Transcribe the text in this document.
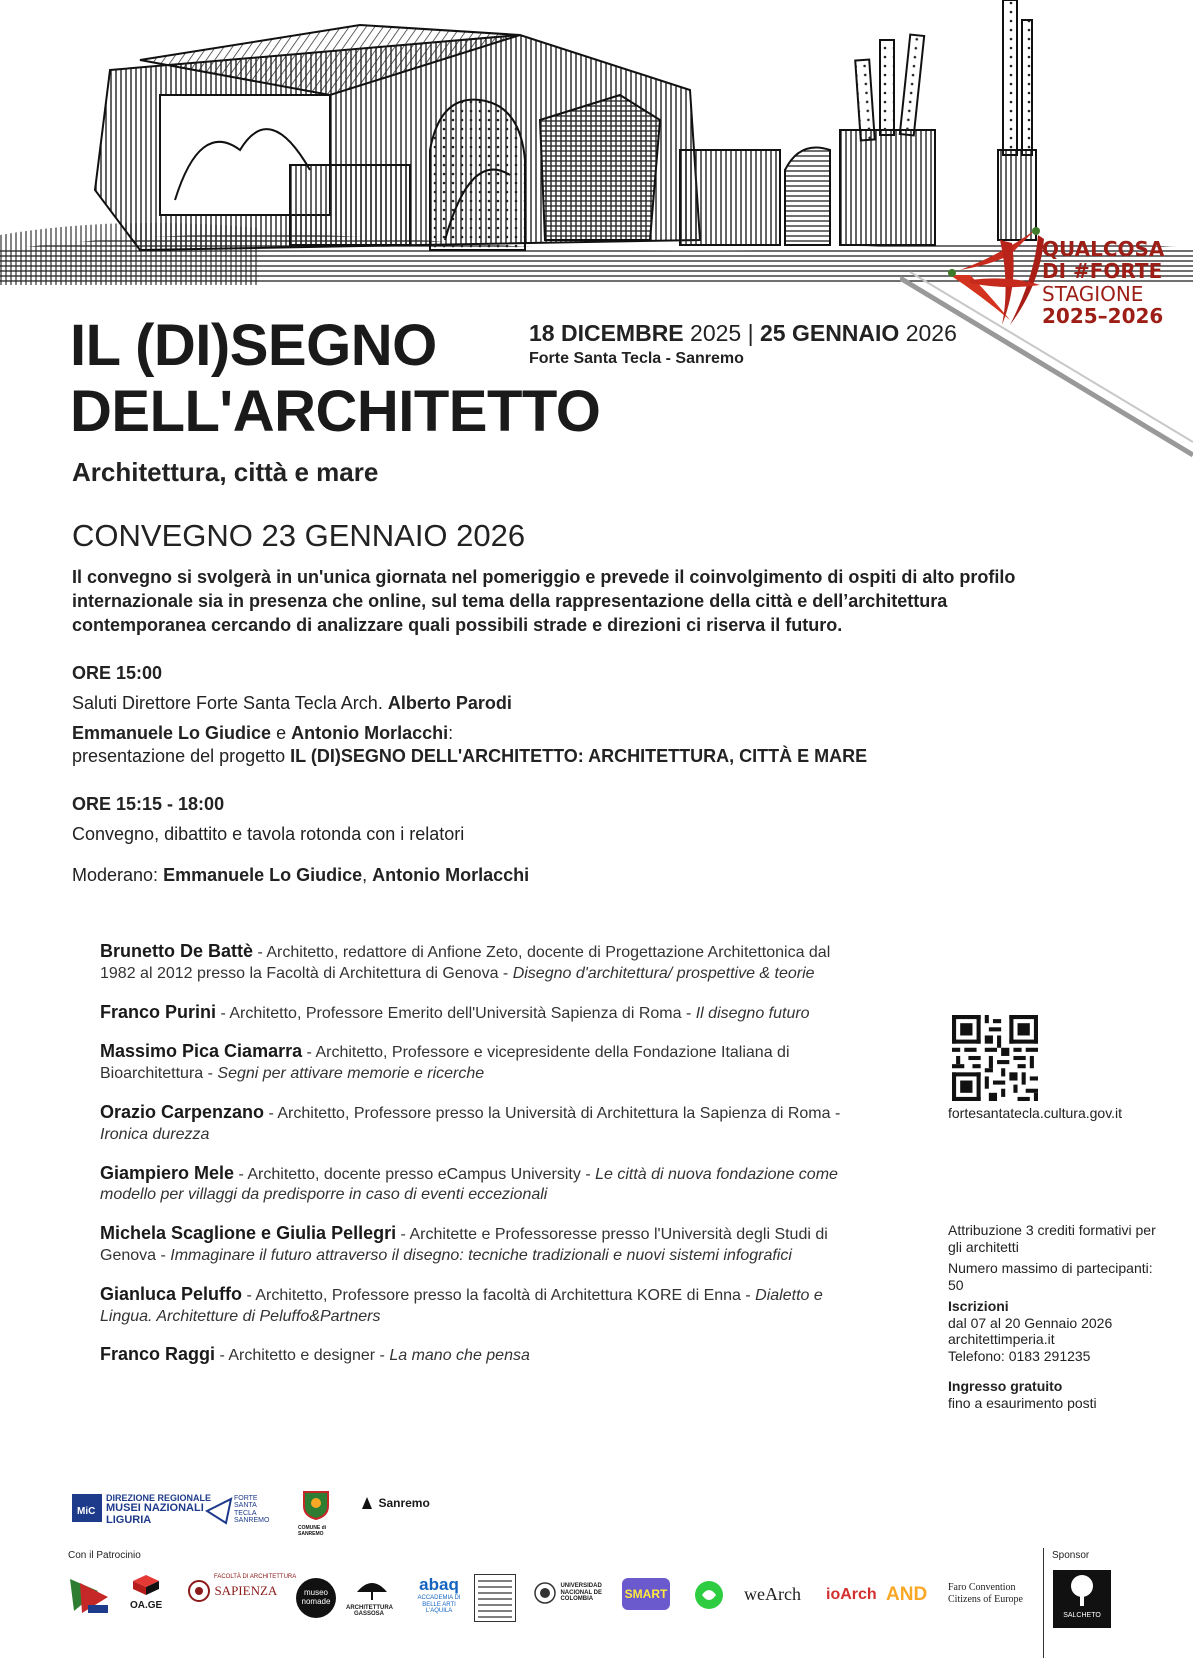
QUALCOSA
DI #FORTE
STAGIONE
2025–2026
IL (DI)SEGNO
DELL'ARCHITETTO
Architettura, città e mare
18 DICEMBRE 2025 | 25 GENNAIO 2026
Forte Santa Tecla - Sanremo
CONVEGNO 23 GENNAIO 2026
Il convegno si svolgerà in un'unica giornata nel pomeriggio e prevede il coinvolgimento di ospiti di alto profilo internazionale sia in presenza che online, sul tema della rappresentazione della città e dell’architettura contemporanea cercando di analizzare quali possibili strade e direzioni ci riserva il futuro.
ORE 15:00
Saluti Direttore Forte Santa Tecla Arch. Alberto Parodi
Emmanuele Lo Giudice e Antonio Morlacchi:
presentazione del progetto IL (DI)SEGNO DELL'ARCHITETTO: ARCHITETTURA, CITTÀ E MARE
ORE 15:15 - 18:00
Convegno, dibattito e tavola rotonda con i relatori
Moderano: Emmanuele Lo Giudice, Antonio Morlacchi
Brunetto De Battè - Architetto, redattore di Anfione Zeto, docente di Progettazione Architettonica dal 1982 al 2012 presso la Facoltà di Architettura di Genova - Disegno d'architettura/ prospettive & teorie
Franco Purini - Architetto, Professore Emerito dell'Università Sapienza di Roma - Il disegno futuro
Massimo Pica Ciamarra - Architetto, Professore e vicepresidente della Fondazione Italiana di Bioarchitettura - Segni per attivare memorie e ricerche
Orazio Carpenzano - Architetto, Professore presso la Università di Architettura la Sapienza di Roma - Ironica durezza
Giampiero Mele - Architetto, docente presso eCampus University - Le città di nuova fondazione come modello per villaggi da predisporre in caso di eventi eccezionali
Michela Scaglione e Giulia Pellegri - Architette e Professoresse presso l'Università degli Studi di Genova - Immaginare il futuro attraverso il disegno: tecniche tradizionali e nuovi sistemi infografici
Gianluca Peluffo - Architetto, Professore presso la facoltà di Architettura KORE di Enna - Dialetto e Lingua. Architetture di Peluffo&Partners
Franco Raggi - Architetto e designer - La mano che pensa
fortesantatecla.cultura.gov.it

Attribuzione 3 crediti formativi per gli architetti

Numero massimo di partecipanti: 50

Iscrizioni
dal 07 al 20 Gennaio 2026
architettimperia.it
Telefono: 0183 291235

Ingresso gratuito
fino a esaurimento posti

MiC
DIREZIONE REGIONALE
MUSEI NAZIONALI
LIGURIA
FORTE
SANTA
TECLA
SANREMO
COMUNE di SANREMO
Sanremo
Con il Patrocinio	Sponsor
OA.GE
FACOLTÀ DI ARCHITETTURA
SAPIENZA	museo nomade
ARCHITETTURA GASSOSA
abaq
ACCADEMIA DI BELLE ARTI L'AQUILA
UNIVERSIDAD NACIONAL DE COLOMBIA	SMART	weArch ioArch AND Faro Convention
Citizens of Europe
SALCHETO
